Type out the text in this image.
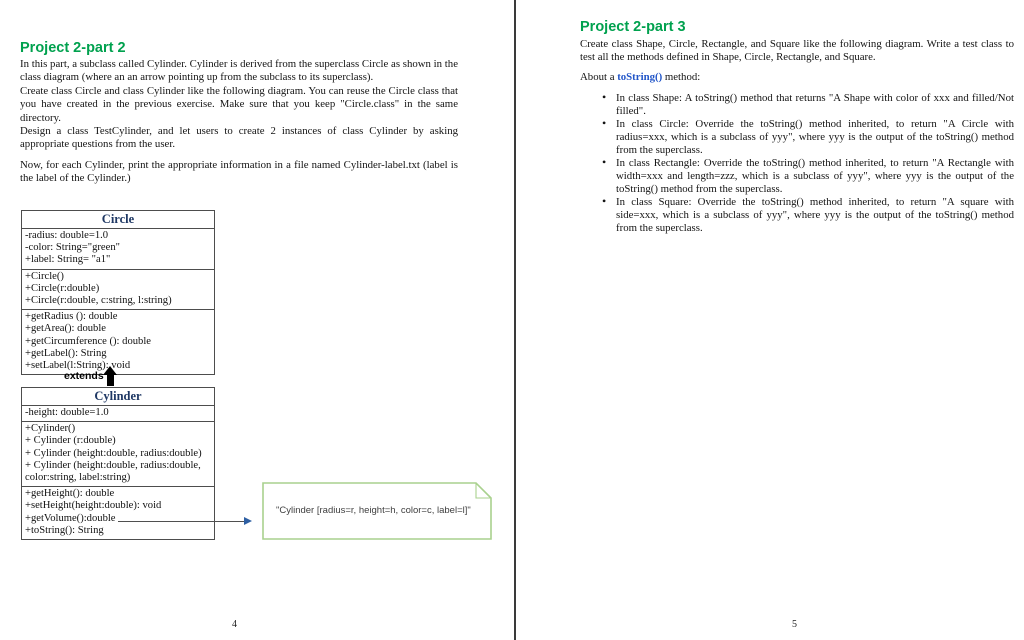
Project 2-part 2

In this part, a subclass called Cylinder. Cylinder is derived from the superclass Circle as shown in the class diagram (where an an arrow pointing up from the subclass to its superclass).

Create class Circle and class Cylinder like the following diagram. You can reuse the Circle class that you have created in the previous exercise. Make sure that you keep "Circle.class" in the same directory.

Design a class TestCylinder, and let users to create 2 instances of class Cylinder by asking appropriate questions from the user.

Now, for each Cylinder, print the appropriate information in a file named Cylinder-label.txt (label is the label of the Cylinder.)

Circle
-radius: double=1.0
-color: String="green"
+label: String= "a1"
+Circle()
+Circle(r:double)
+Circle(r:double, c:string, l:string)
+getRadius (): double
+getArea(): double
+getCircumference (): double
+getLabel(): String
+setLabel(l:String): void
extends
Cylinder
-height: double=1.0
+Cylinder()
+ Cylinder (r:double)
+ Cylinder (height:double, radius:double)
+ Cylinder (height:double, radius:double, color:string, label:string)
+getHeight(): double
+setHeight(height:double): void
+getVolume():double
+toString(): String
"Cylinder [radius=r, height=h, color=c, label=l]"
4
Project 2-part 3

Create class Shape, Circle, Rectangle, and Square like the following diagram. Write a test class to test all the methods defined in Shape, Circle, Rectangle, and Square.

About a toString() method:
• In class Shape: A toString() method that returns "A Shape with color of xxx and filled/Not filled".
• In class Circle: Override the toString() method inherited, to return "A Circle with radius=xxx, which is a subclass of yyy", where yyy is the output of the toString() method from the superclass.
• In class Rectangle: Override the toString() method inherited, to return "A Rectangle with width=xxx and length=zzz, which is a subclass of yyy", where yyy is the output of the toString() method from the superclass.
• In class Square: Override the toString() method inherited, to return "A square with side=xxx, which is a subclass of yyy", where yyy is the output of the toString() method from the superclass.
5
